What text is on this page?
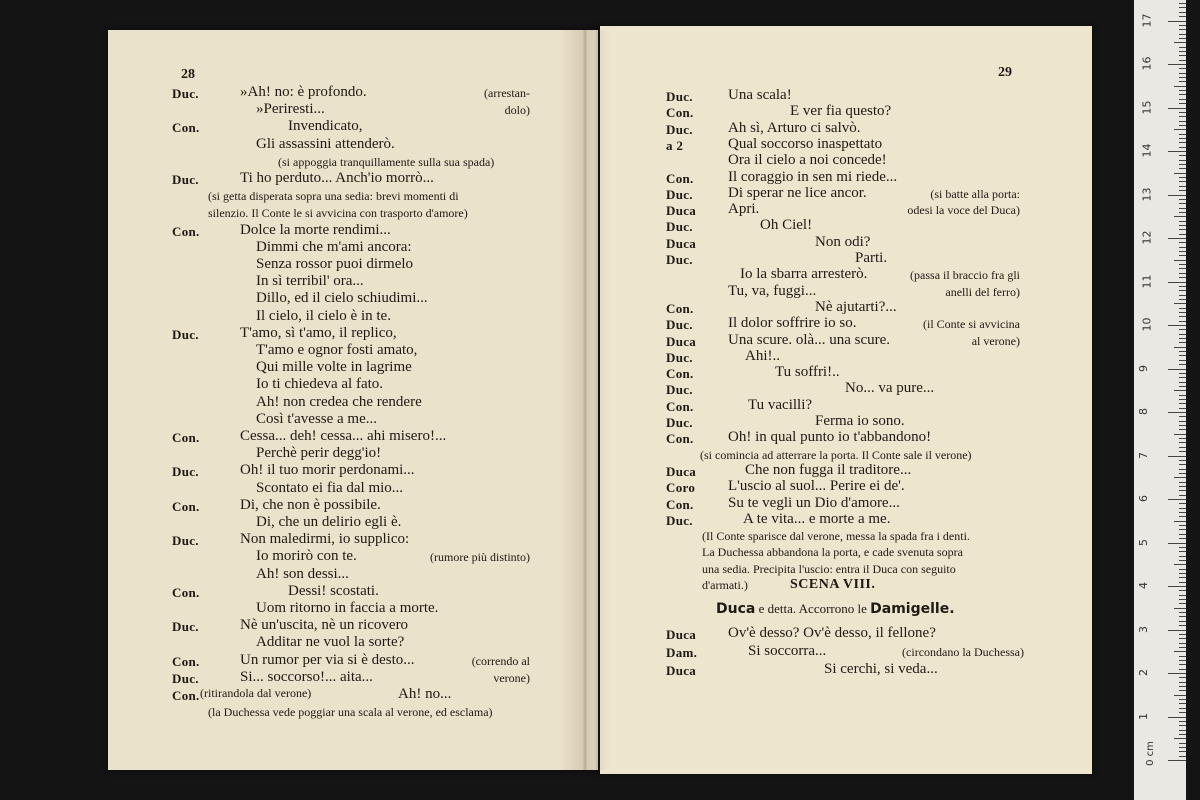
28
Duc.	»Ah! no: è profondo.	(arrestan-
»Periresti...	dolo)
Con.	Invendicato,
Gli assassini attenderò.
(si appoggia tranquillamente sulla sua spada)
Duc.	Ti ho perduto... Anch'io morrò...
(si getta disperata sopra una sedia: brevi momenti di
silenzio. Il Conte le si avvicina con trasporto d'amore)
Con.	Dolce la morte rendimi...
Dimmi che m'ami ancora:
Senza rossor puoi dirmelo
In sì terribil' ora...
Dillo, ed il cielo schiudimi...
Il cielo, il cielo è in te.
Duc.	T'amo, sì t'amo, il replico,
T'amo e ognor fosti amato,
Qui mille volte in lagrime
Io ti chiedeva al fato.
Ah! non credea che rendere
Così t'avesse a me...
Con.	Cessa... deh! cessa... ahi misero!...
Perchè perir degg'io!
Duc.	Oh! il tuo morir perdonami...
Scontato ei fia dal mio...
Con.	Di, che non è possibile.
Di, che un delirio egli è.
Duc.	Non maledirmi, io supplico:
Io morirò con te.	(rumore più distinto)
Ah! son dessi...
Con.	Dessi! scostati.
Uom ritorno in faccia a morte.
Duc.	Nè un'uscita, nè un ricovero
Additar ne vuol la sorte?
Con.	Un rumor per via si è desto...	(correndo al
Duc.	Si... soccorso!... aita...	verone)
Con. (ritirandola dal verone)	Ah! no...
(la Duchessa vede poggiar una scala al verone, ed esclama)
29
Duc. Una scala!
Con.	E ver fia questo?
Duc. Ah sì, Arturo ci salvò.
a 2	Qual soccorso inaspettato
Ora il cielo a noi concede!
Con. Il coraggio in sen mi riede...
Duc. Di sperar ne lice ancor.	(si batte alla porta:
Duca Apri.	odesi la voce del Duca)
Duc.	Oh Ciel!
Duca	Non odi?
Duc.	Parti.
Io la sbarra arresterò.	(passa il braccio fra gli
Tu, va, fuggi...	anelli del ferro)
Con.	Nè ajutarti?...
Duc. Il dolor soffrire io so.	(il Conte si avvicina
Duca Una scure. olà... una scure.	al verone)
Duc.	Ahi!..
Con.	Tu soffri!..
Duc.	No... va pure...
Con.	Tu vacilli?
Duc.	Ferma io sono.
Con. Oh! in qual punto io t'abbandono!
(si comincia ad atterrare la porta. Il Conte sale il verone)
Duca	Che non fugga il traditore...
Coro L'uscio al suol... Perire ei de'.
Con. Su te vegli un Dio d'amore...
Duc.	A te vita... e morte a me.
(Il Conte sparisce dal verone, messa la spada fra i denti.
La Duchessa abbandona la porta, e cade svenuta sopra
una sedia. Precipita l'uscio: entra il Duca con seguito
d'armati.)	SCENA VIII.
Duca e detta. Accorrono le Damigelle.
Duca Ov'è desso? Ov'è desso, il fellone?
Dam.	Si soccorra...	(circondano la Duchessa)
Duca	Si cerchi, si veda...
0 cm
1
2
3
4
5
6
7
8
9
10
11
12
13
14
15
16
17
